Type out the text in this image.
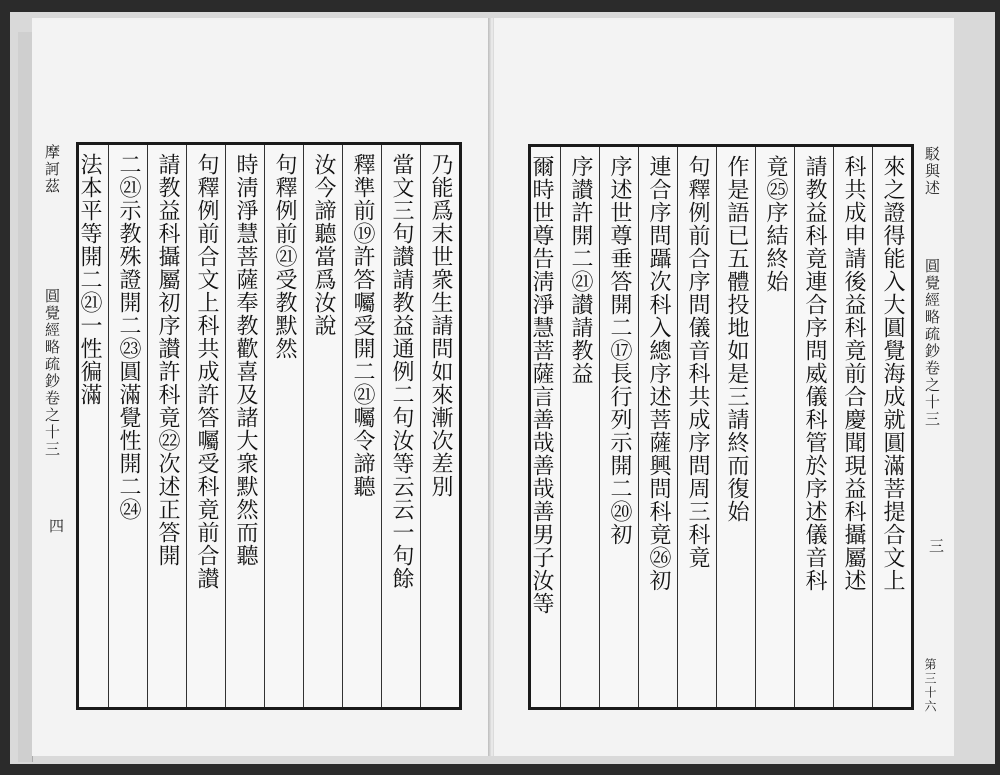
摩訶茲
圓覺經略疏鈔卷之十三
四
乃能爲末世衆生請問如來漸次差別
當文三句讃請教益通例二句汝等云云一句餘
釋準前⑲許答囑受開二㉑囑令諦聽
汝今諦聽當爲汝說
句釋例前㉑受教默然
時淸淨慧菩薩奉教歡喜及諸大衆默然而聽
句釋例前合文上科共成許答囑受科竟前合讃
請教益科攝屬初序讃許科竟㉒次述正答開
二㉑示教殊證開二㉓圓滿覺性開二㉔
法本平等開二㉑一性徧滿	駁與述
圓覺經略疏鈔卷之十三
三
第三十六
來之證得能入大圓覺海成就圓滿菩提合文上
科共成申請後益科竟前合慶聞現益科攝屬述
請教益科竟連合序問威儀科管於序述儀音科
竟㉕序結終始
作是語已五體投地如是三請終而復始
句釋例前合序問儀音科共成序問周三科竟
連合序問躡次科入總序述菩薩興問科竟㉖初
序述世尊垂答開二⑰長行列示開二⑳初
序讃許開二㉑讃請教益
爾時世尊告淸淨慧菩薩言善哉善哉善男子汝等
